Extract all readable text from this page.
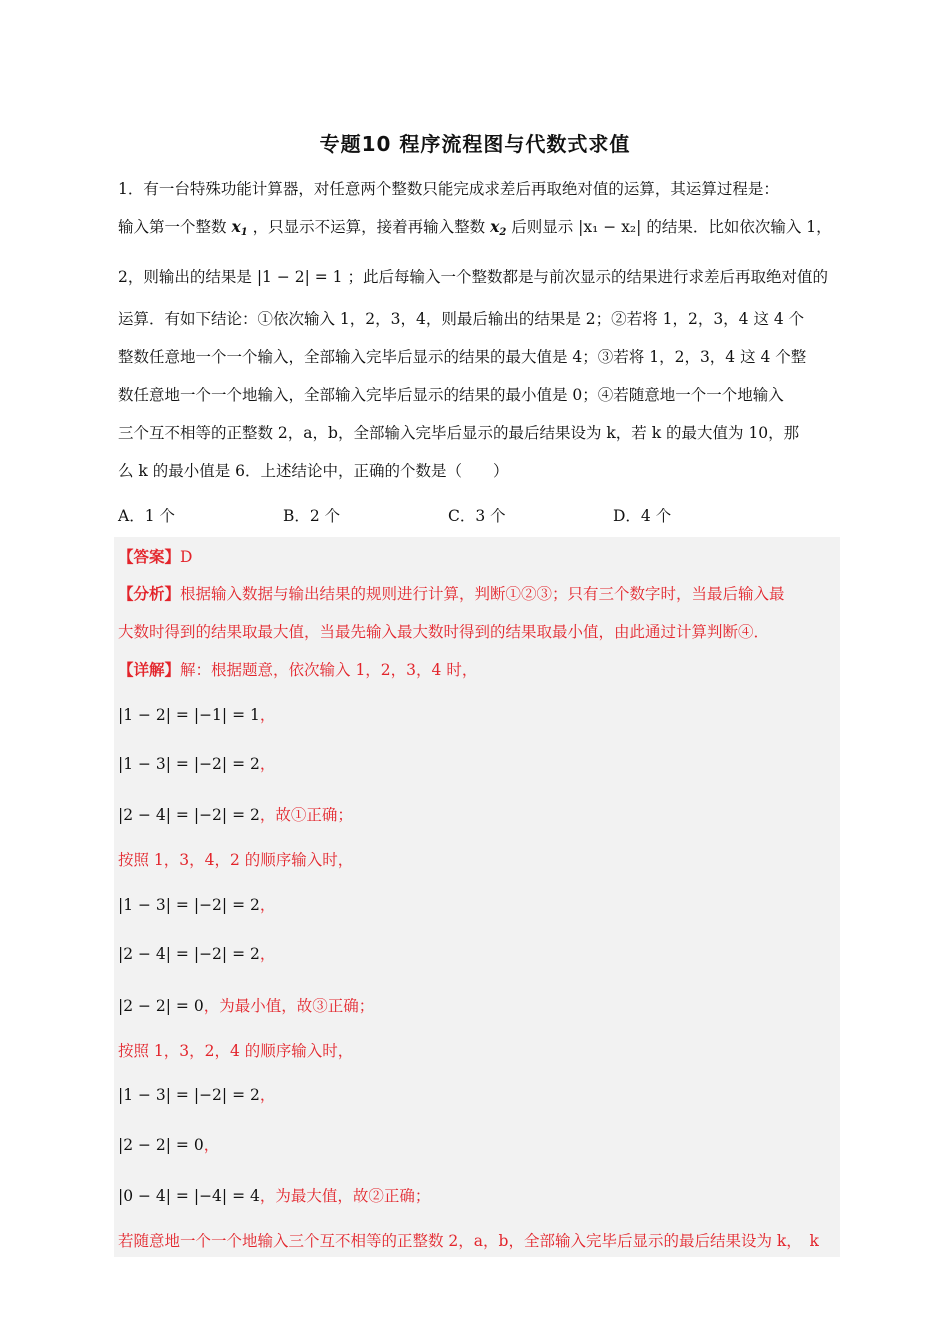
专题10 程序流程图与代数式求值

1．有一台特殊功能计算器，对任意两个整数只能完成求差后再取绝对值的运算，其运算过程是：

输入第一个整数 $x_1$ ，只显示不运算，接着再输入整数 $x_2$ 后则显示 |x₁ − x₂| 的结果．比如依次输入 1，

2，则输出的结果是 |1 − 2| = 1 ；此后每输入一个整数都是与前次显示的结果进行求差后再取绝对值的

运算．有如下结论：①依次输入 1，2，3，4，则最后输出的结果是 2；②若将 1，2，3，4 这 4 个

整数任意地一个一个输入，全部输入完毕后显示的结果的最大值是 4；③若将 1，2，3，4 这 4 个整

数任意地一个一个地输入，全部输入完毕后显示的结果的最小值是 0；④若随意地一个一个地输入

三个互不相等的正整数 2，a，b，全部输入完毕后显示的最后结果设为 k，若 k 的最大值为 10，那

么 k 的最小值是 6．上述结论中，正确的个数是（　　）

A．1 个	B．2 个	C．3 个	D．4 个
【答案】D
【分析】根据输入数据与输出结果的规则进行计算，判断①②③；只有三个数字时，当最后输入最
大数时得到的结果取最大值，当最先输入最大数时得到的结果取最小值，由此通过计算判断④．
【详解】解：根据题意，依次输入 1，2，3，4 时，
|1 − 2| = |−1| = 1，
|1 − 3| = |−2| = 2，
|2 − 4| = |−2| = 2，故①正确；
按照 1，3，4，2 的顺序输入时，
|1 − 3| = |−2| = 2，
|2 − 4| = |−2| = 2，
|2 − 2| = 0，为最小值，故③正确；
按照 1，3，2，4 的顺序输入时，
|1 − 3| = |−2| = 2，
|2 − 2| = 0，
|0 − 4| = |−4| = 4，为最大值，故②正确；
若随意地一个一个地输入三个互不相等的正整数 2，a，b，全部输入完毕后显示的最后结果设为 k，　k
